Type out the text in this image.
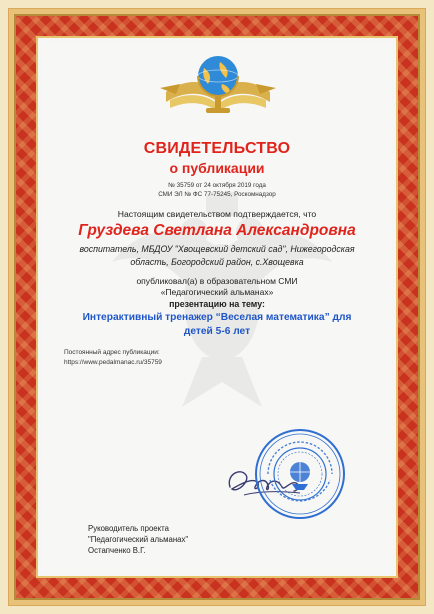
СВИДЕТЕЛЬСТВО
о публикации
№ 35759 от 24 октября 2019 года
СМИ ЭЛ № ФС 77-75245, Роскомнадзор
Настоящим свидетельством подтверждается, что
Груздева Светлана Александровна
воспитатель, МБДОУ "Хвощевский детский сад", Нижегородская
область, Богородский район, с.Хвощевка
опубликовал(а) в образовательном СМИ
«Педагогический альманах»
презентацию на тему:
Интерактивный тренажер “Веселая математика” для
детей 5-6 лет
Постоянный адрес публикации:
https://www.pedalmanac.ru/35759
Руководитель проекта
"Педагогический альманах"
Остапченко В.Г.
